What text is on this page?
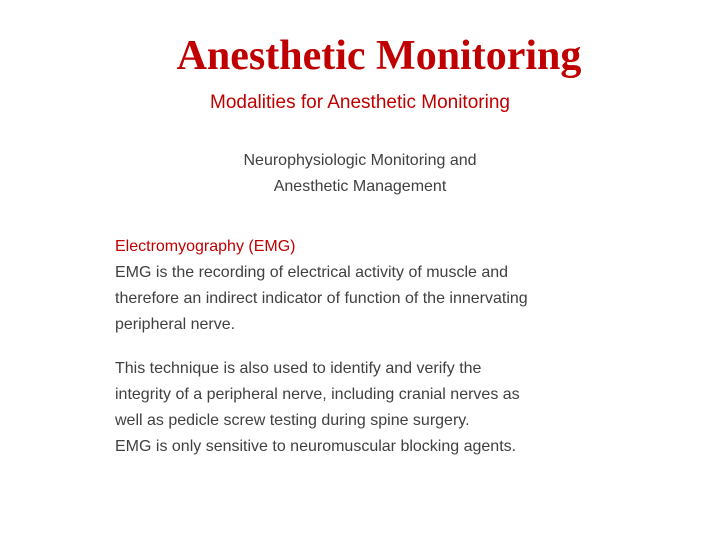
Anesthetic Monitoring
Modalities for Anesthetic Monitoring
Neurophysiologic Monitoring and
Anesthetic Management
Electromyography (EMG)

EMG is the recording of electrical activity of muscle and
therefore an indirect indicator of function of the innervating
peripheral nerve.

This technique is also used to identify and verify the
integrity of a peripheral nerve, including cranial nerves as
well as pedicle screw testing during spine surgery.

EMG is only sensitive to neuromuscular blocking agents.
